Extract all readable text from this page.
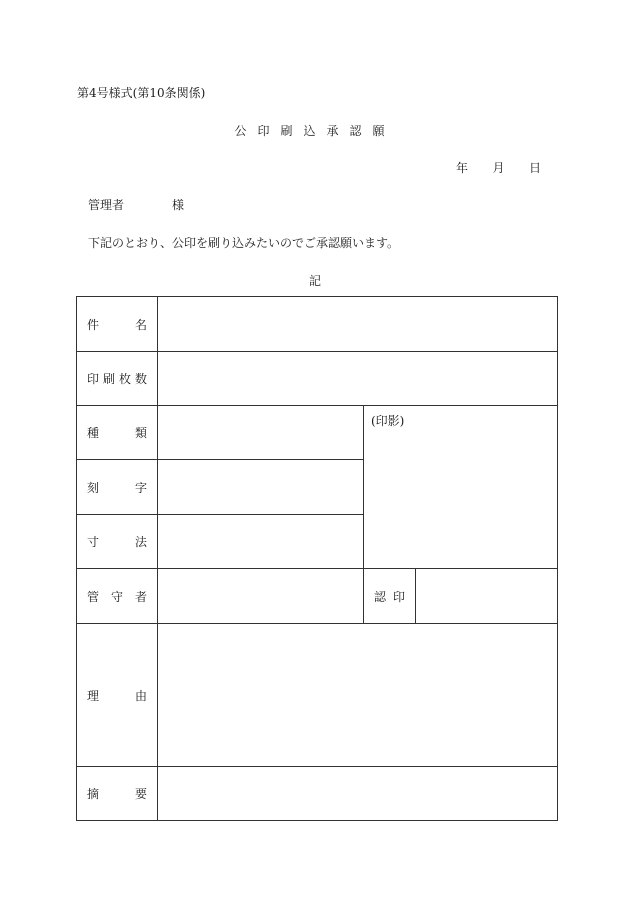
第4号様式(第10条関係)
公印刷込承認願
年 月 日
管理者	様
下記のとおり、公印を刷り込みたいのでご承認願います。
記
件 名			

印 刷 枚 数			

種 類		(印影)	

刻 字			

寸 法			

管 守 者		認 印	

理 由			

摘 要			
